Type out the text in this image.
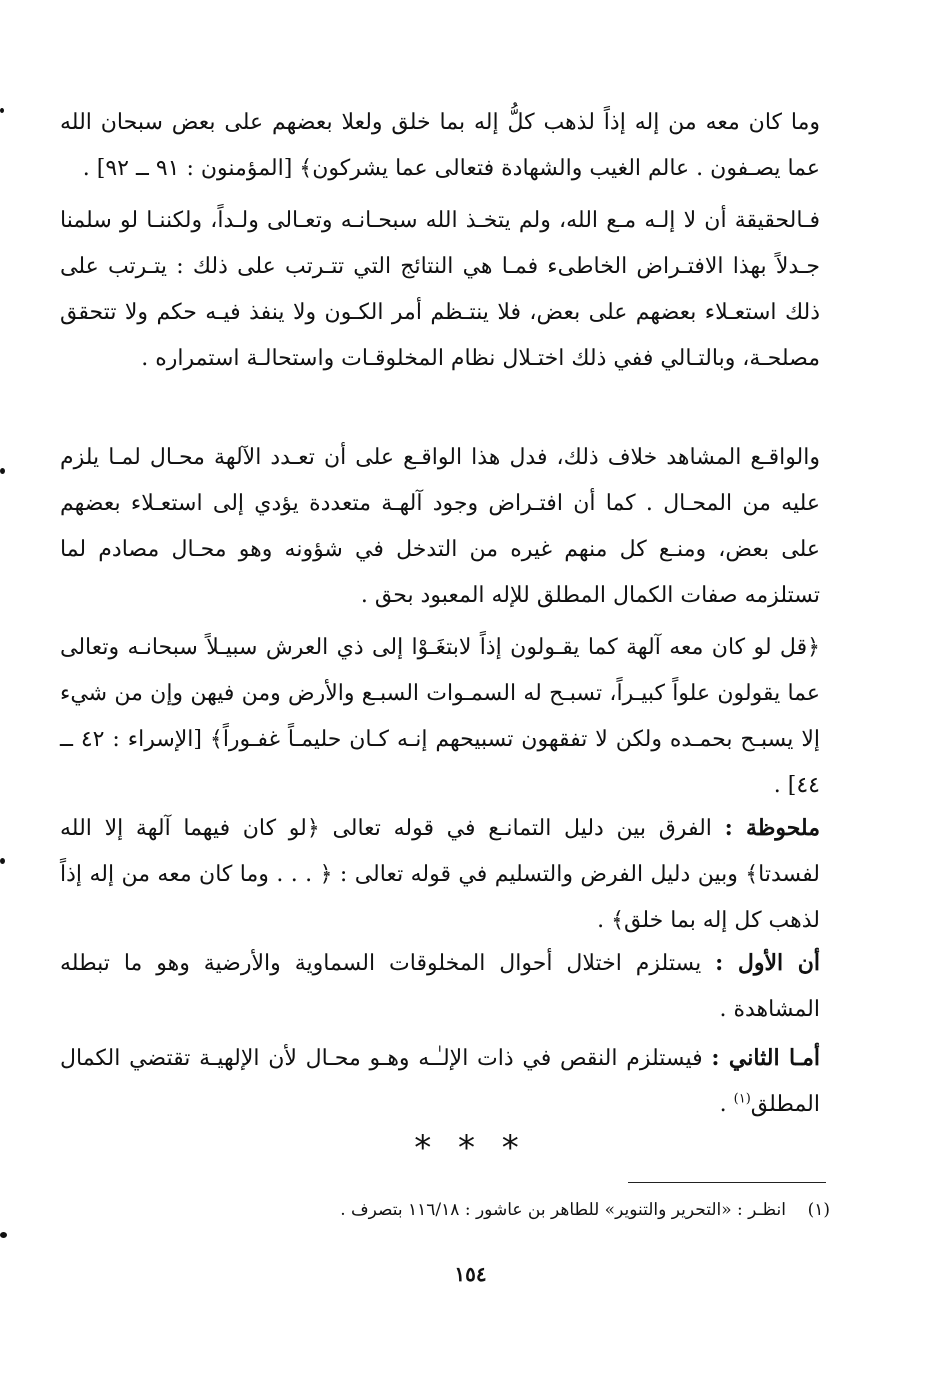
وما كان معه من إله إذاً لذهب كلُّ إله بما خلق ولعلا بعضهم على بعض سبحان الله عما يصـفون . عالم الغيب والشهادة فتعالى عما يشركون﴾ [المؤمنون : ٩١ ــ ٩٢] .

فـالحقيقة أن لا إلـه مـع الله، ولم يتخـذ الله سبحـانـه وتعـالى ولـداً، ولكننـا لو سلمنا جـدلاً بهذا الافتـراض الخاطىء فمـا هي النتائج التي تتـرتب على ذلك : يتـرتب على ذلك استعـلاء بعضهم على بعض، فلا ينتـظم أمر الكـون ولا ينفذ فيـه حكم ولا تتحقق مصلحـة، وبالتـالي ففي ذلك اختـلال نظام المخلوقـات واستحالـة استمراره .

والواقـع المشاهد خلاف ذلك، فدل هذا الواقـع على أن تعـدد الآلهة محـال لمـا يلزم عليه من المحـال . كما أن افتـراض وجود آلهـة متعددة يؤدي إلى استعـلاء بعضهم على بعض، ومنـع كل منهم غيره من التدخل في شؤونه وهو محـال مصادم لما تستلزمه صفات الكمال المطلق للإله المعبود بحق .

﴿قل لو كان معه آلهة كما يقـولون إذاً لابتغَـوْا إلى ذي العرش سبيـلاً سبحانـه وتعالى عما يقولون علواً كبيـراً، تسبـح له السمـوات السبـع والأرض ومن فيهن وإن من شيء إلا يسبـح بحمـده ولكن لا تفقهون تسبيحهم إنـه كـان حليمـاً غفـوراً﴾ [الإسراء : ٤٢ ــ ٤٤] .

ملحوظة : الفرق بين دليل التمانـع في قوله تعالى ﴿لو كان فيهما آلهة إلا الله لفسدتا﴾ وبين دليل الفرض والتسليم في قوله تعالى : ﴿ . . . وما كان معه من إله إذاً لذهب كل إله بما خلق﴾ .

أن الأول : يستلزم اختلال أحوال المخلوقات السماوية والأرضية وهو ما تبطله المشاهدة .

أمـا الثاني : فيستلزم النقص في ذات الإلـٰـه وهـو محـال لأن الإلهيـة تقتضي الكمال المطلق$^{(١)}$ .

* * *
(١)    انظـر : «التحرير والتنوير» للطاهر بن عاشور : ١١٦/١٨ بتصرف .
١٥٤
